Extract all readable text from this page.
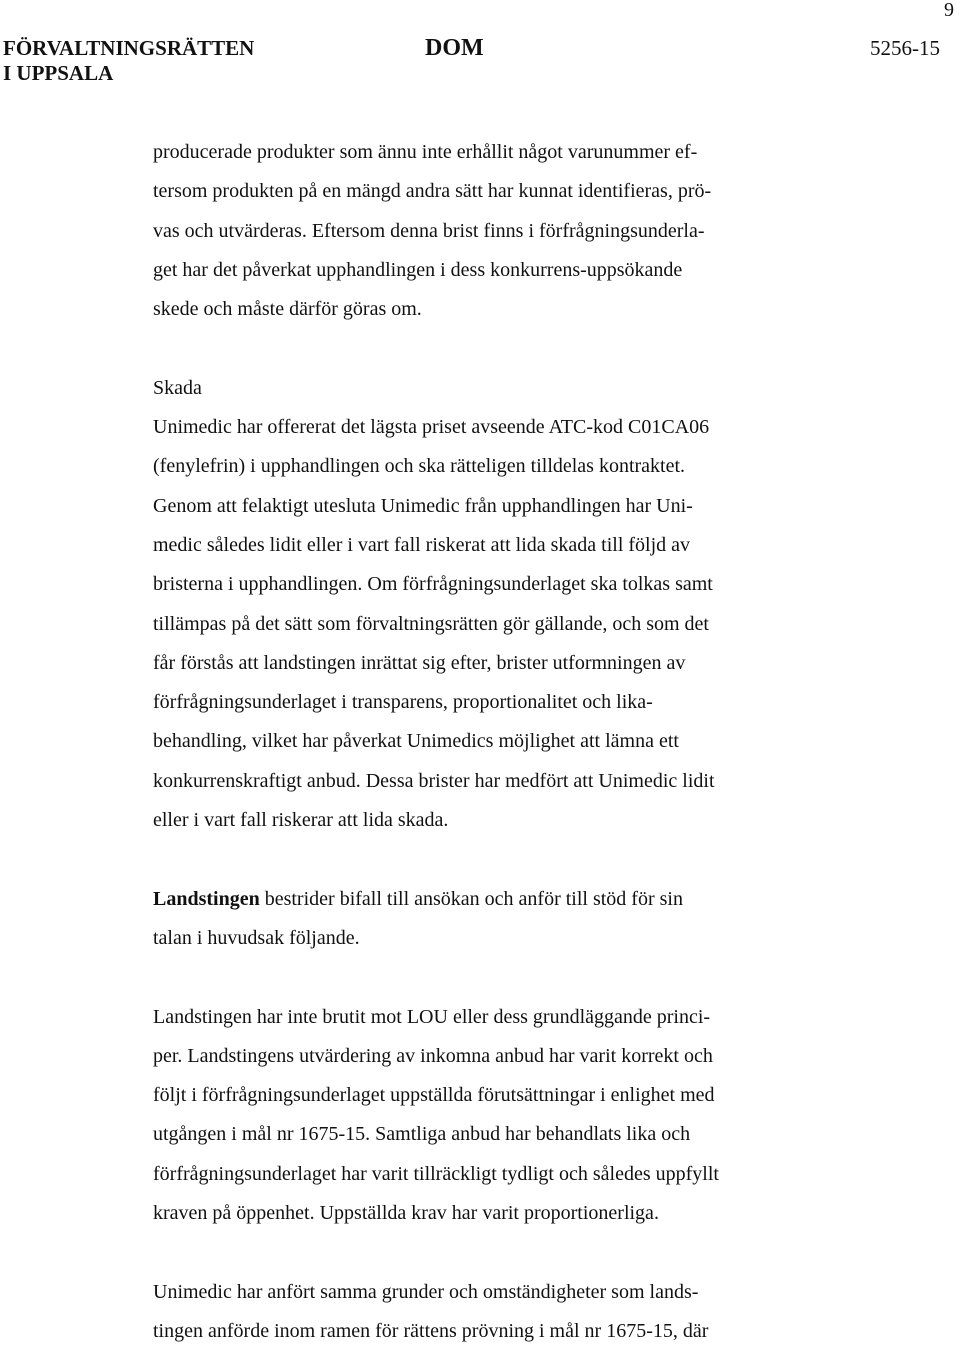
9
FÖRVALTNINGSRÄTTEN
I UPPSALA
DOM	5256-15

producerade produkter som ännu inte erhållit något varunummer ef-
tersom produkten på en mängd andra sätt har kunnat identifieras, prö-
vas och utvärderas. Eftersom denna brist finns i förfrågningsunderla-
get har det påverkat upphandlingen i dess konkurrens-uppsökande
skede och måste därför göras om.

Skada
Unimedic har offererat det lägsta priset avseende ATC-kod C01CA06
(fenylefrin) i upphandlingen och ska rätteligen tilldelas kontraktet.
Genom att felaktigt utesluta Unimedic från upphandlingen har Uni-
medic således lidit eller i vart fall riskerat att lida skada till följd av
bristerna i upphandlingen. Om förfrågningsunderlaget ska tolkas samt
tillämpas på det sätt som förvaltningsrätten gör gällande, och som det
får förstås att landstingen inrättat sig efter, brister utformningen av
förfrågningsunderlaget i transparens, proportionalitet och lika-
behandling, vilket har påverkat Unimedics möjlighet att lämna ett
konkurrenskraftigt anbud. Dessa brister har medfört att Unimedic lidit
eller i vart fall riskerar att lida skada.

Landstingen bestrider bifall till ansökan och anför till stöd för sin
talan i huvudsak följande.

Landstingen har inte brutit mot LOU eller dess grundläggande princi-
per. Landstingens utvärdering av inkomna anbud har varit korrekt och
följt i förfrågningsunderlaget uppställda förutsättningar i enlighet med
utgången i mål nr 1675-15. Samtliga anbud har behandlats lika och
förfrågningsunderlaget har varit tillräckligt tydligt och således uppfyllt
kraven på öppenhet. Uppställda krav har varit proportionerliga.

Unimedic har anfört samma grunder och omständigheter som lands-
tingen anförde inom ramen för rättens prövning i mål nr 1675-15, där
